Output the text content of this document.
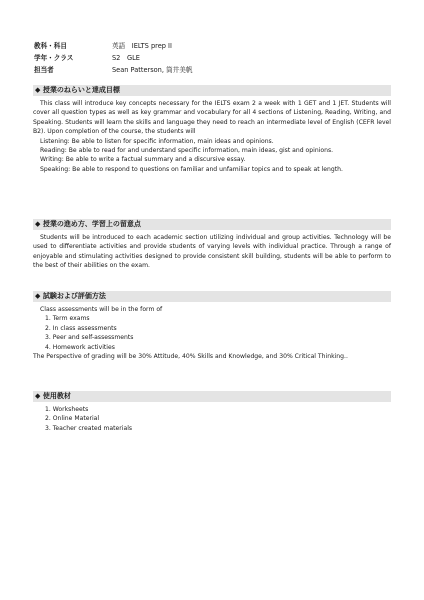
教科・科目	英語　IELTS prep II
学年・クラス	S2　GLE
担当者	Sean Patterson, 筒井美帆
◆ 授業のねらいと達成目標

This class will introduce key concepts necessary for the IELTS exam 2 a week with 1 GET and 1 JET. Students will cover all question types as well as key grammar and vocabulary for all 4 sections of Listening, Reading, Writing, and Speaking. Students will learn the skills and language they need to reach an intermediate level of English (CEFR level B2). Upon completion of the course, the students will

Listening: Be able to listen for specific information, main ideas and opinions.

Reading: Be able to read for and understand specific information, main ideas, gist and opinions.

Writing: Be able to write a factual summary and a discursive essay.

Speaking: Be able to respond to questions on familiar and unfamiliar topics and to speak at length.

◆ 授業の進め方、学習上の留意点

Students will be introduced to each academic section utilizing individual and group activities. Technology will be used to differentiate activities and provide students of varying levels with individual practice. Through a range of enjoyable and stimulating activities designed to provide consistent skill building, students will be able to perform to the best of their abilities on the exam.

◆ 試験および評価方法

Class assessments will be in the form of

1. Term exams
2. In class assessments
3. Peer and self-assessments
4. Homework activities

The Perspective of grading will be 30% Attitude, 40% Skills and Knowledge, and 30% Critical Thinking..

◆ 使用教材
1. Worksheets
2. Online Material
3. Teacher created materials
